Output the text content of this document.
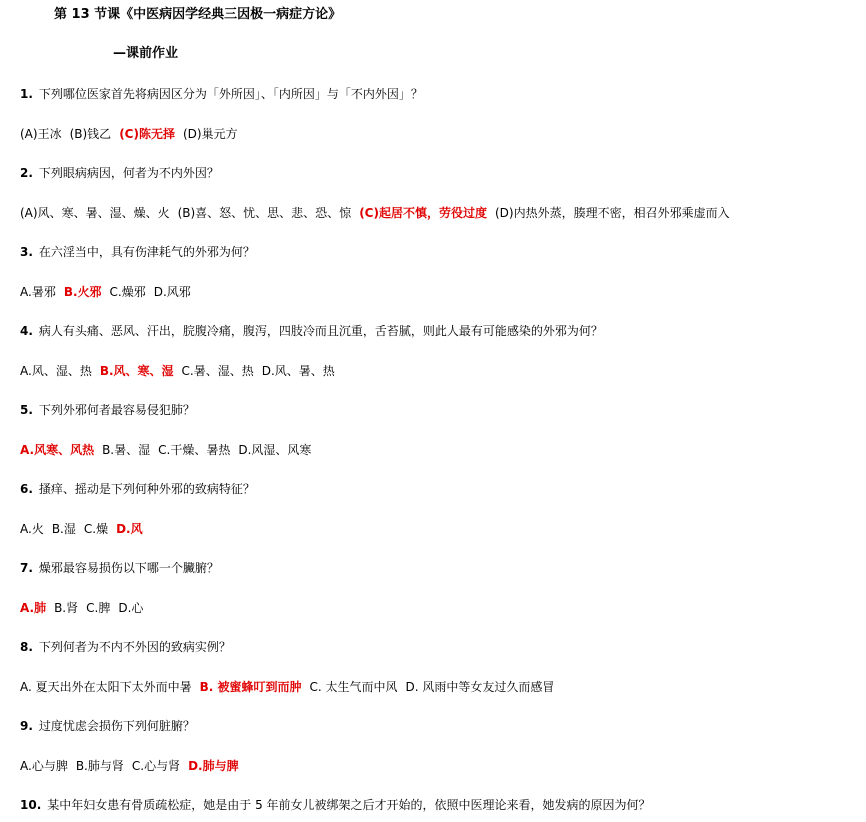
第 13 节课《中医病因学经典三因极一病症方论》
—课前作业
1. 下列哪位医家首先将病因区分为「外所因」、「内所因」与「不内外因」？
(A)王冰 (B)钱乙 (C)陈无择 (D)巢元方
2. 下列眼病病因，何者为不内外因？
(A)风、寒、暑、湿、燥、火 (B)喜、怒、忧、思、悲、恐、惊 (C)起居不慎，劳役过度 (D)内热外蒸，腠理不密，相召外邪乘虚而入
3. 在六淫当中，具有伤津耗气的外邪为何？
A.暑邪 B.火邪 C.燥邪 D.风邪
4. 病人有头痛、恶风、汗出，脘腹冷痛，腹泻，四肢冷而且沉重，舌苔腻，则此人最有可能感染的外邪为何？
A.风、湿、热 B.风、寒、湿 C.暑、湿、热 D.风、暑、热
5. 下列外邪何者最容易侵犯肺？
A.风寒、风热 B.暑、湿 C.干燥、暑热 D.风湿、风寒
6. 搔痒、摇动是下列何种外邪的致病特征？
A.火 B.湿 C.燥 D.风
7. 燥邪最容易损伤以下哪一个臟腑？
A.肺 B.肾 C.脾 D.心
8. 下列何者为不内不外因的致病实例？
A. 夏天出外在太阳下太外而中暑 B. 被蜜蜂叮到而肿 C. 太生气而中风 D. 风雨中等女友过久而感冒
9. 过度忧虑会损伤下列何脏腑？
A.心与脾 B.肺与肾 C.心与肾 D.肺与脾
10. 某中年妇女患有骨质疏松症，她是由于 5 年前女儿被绑架之后才开始的，依照中医理论来看，她发病的原因为何？
